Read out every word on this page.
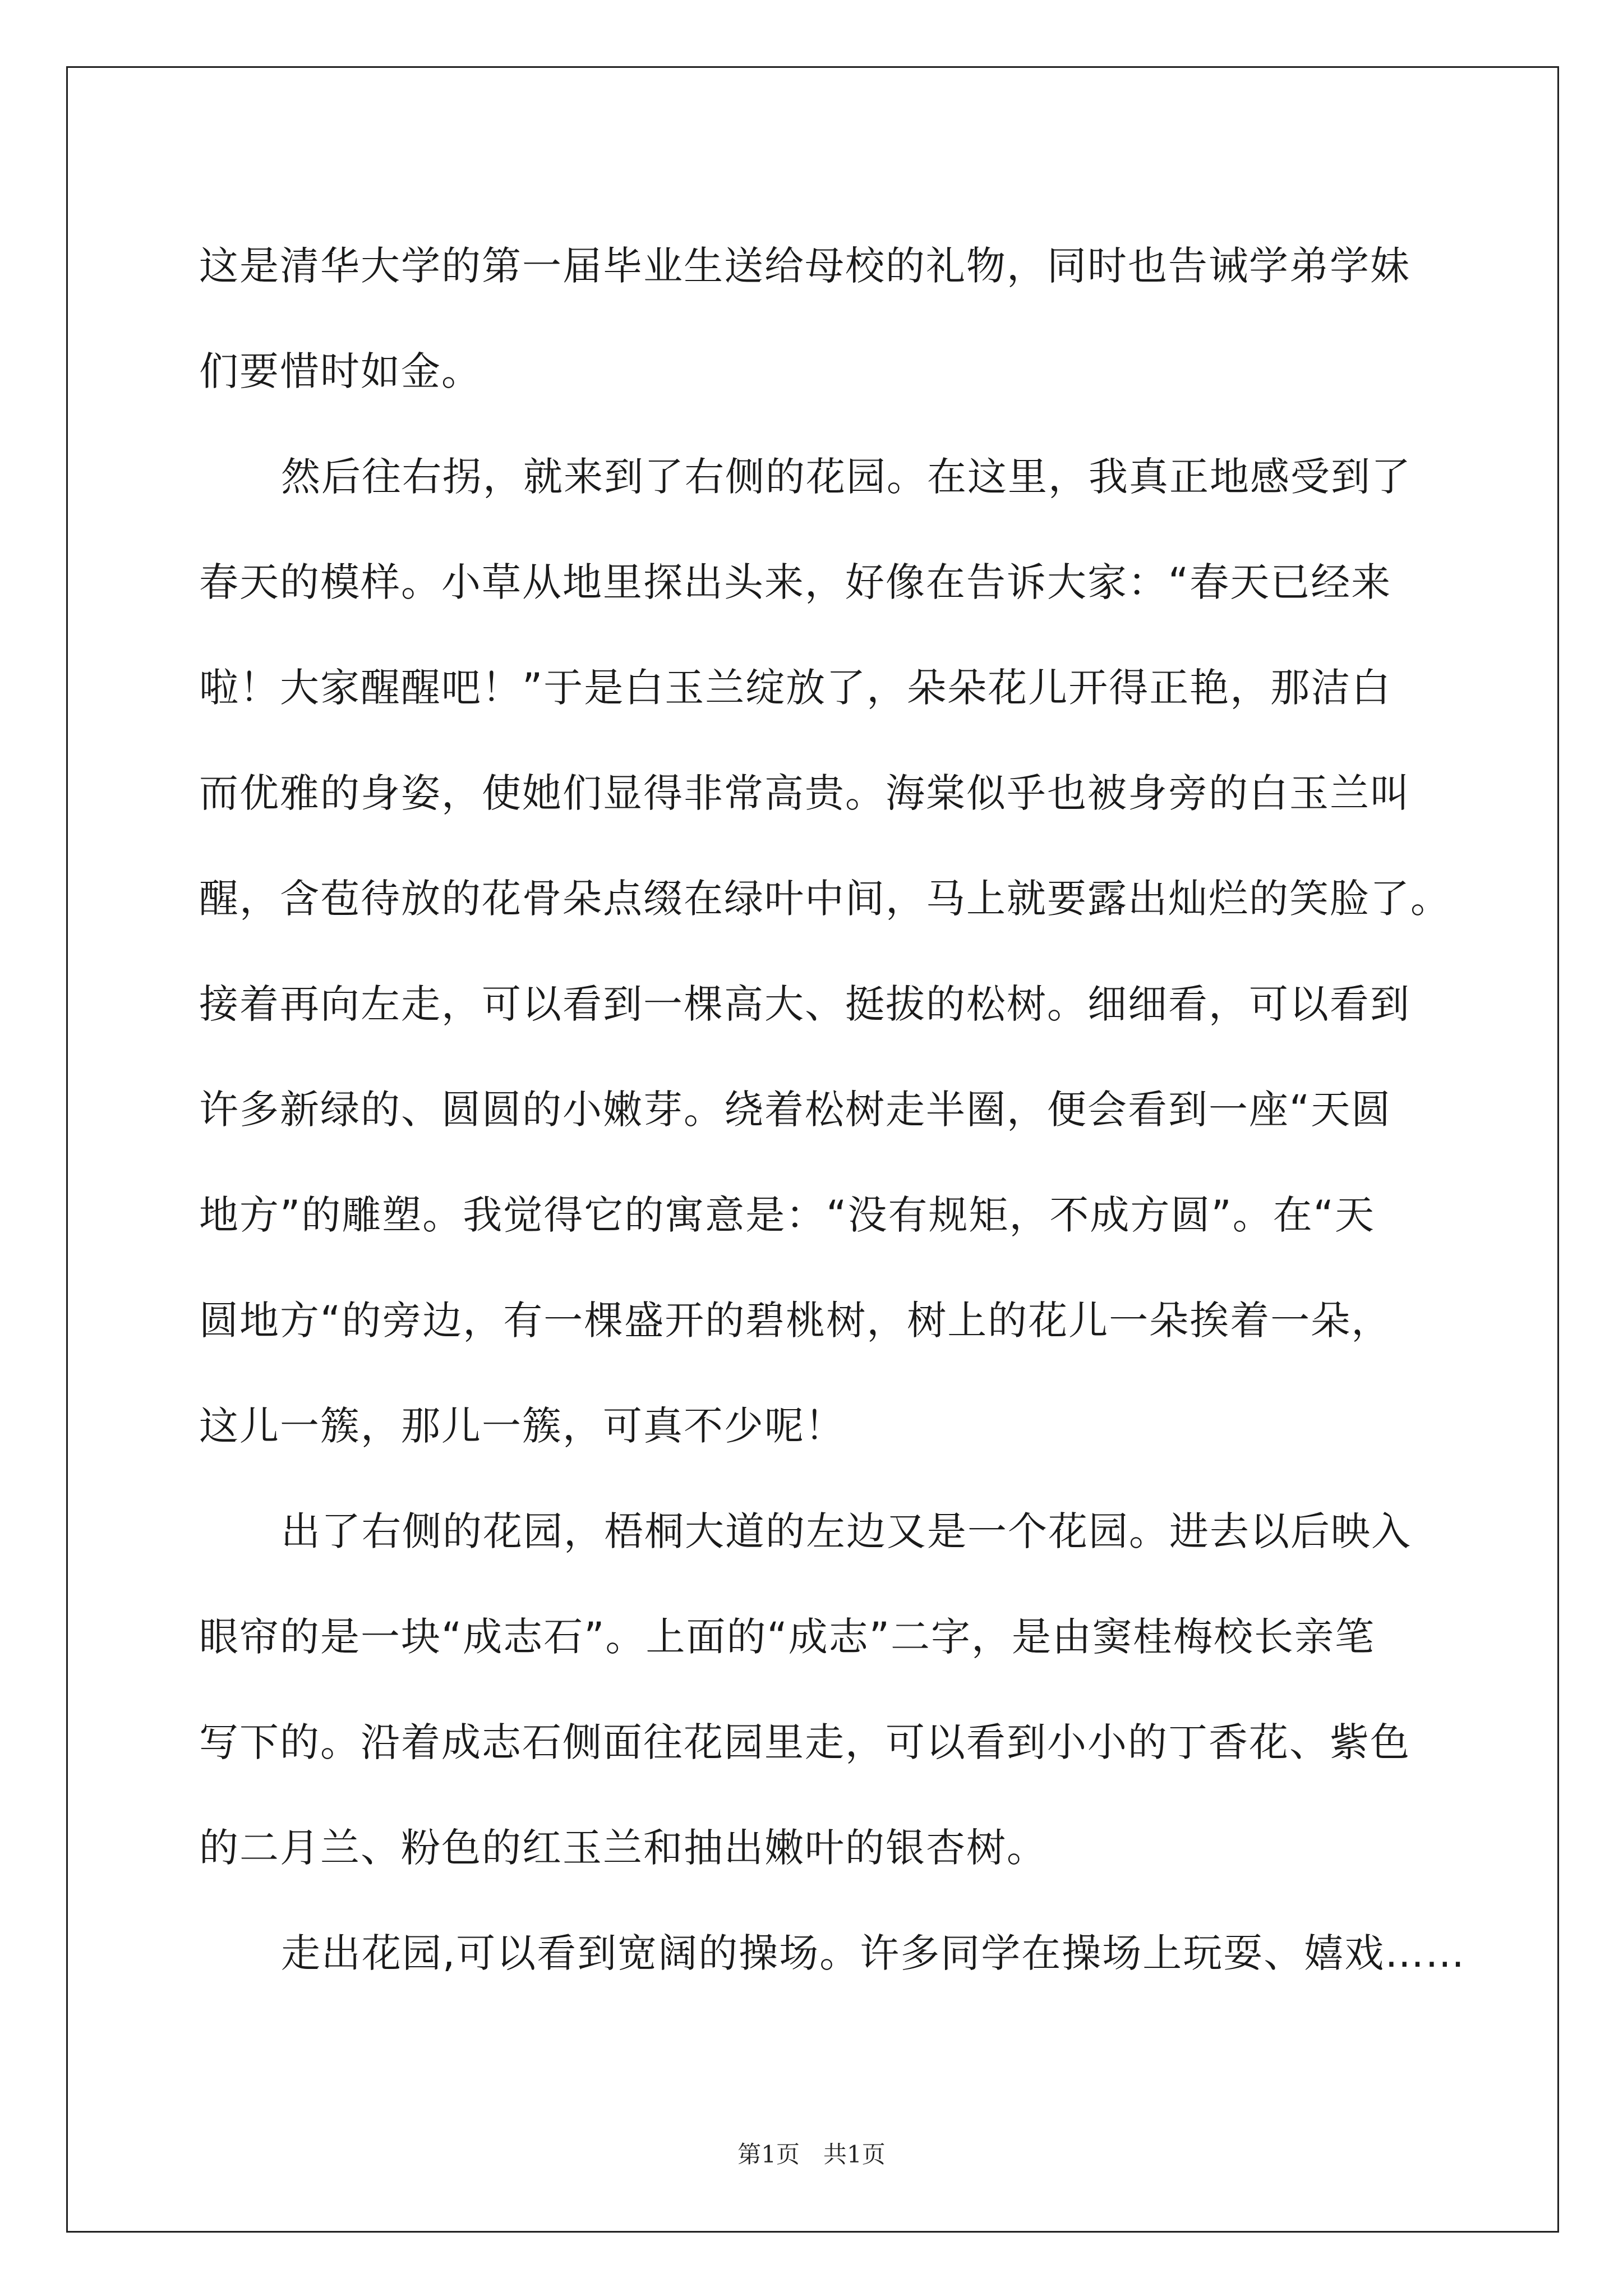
这是清华大学的第一届毕业生送给母校的礼物，同时也告诫学弟学妹
们要惜时如金。
然后往右拐，就来到了右侧的花园。在这里，我真正地感受到了
春天的模样。小草从地里探出头来，好像在告诉大家：“春天已经来
啦！大家醒醒吧！”于是白玉兰绽放了，朵朵花儿开得正艳，那洁白
而优雅的身姿，使她们显得非常高贵。海棠似乎也被身旁的白玉兰叫
醒，含苞待放的花骨朵点缀在绿叶中间，马上就要露出灿烂的笑脸了。
接着再向左走，可以看到一棵高大、挺拔的松树。细细看，可以看到
许多新绿的、圆圆的小嫩芽。绕着松树走半圈，便会看到一座“天圆
地方”的雕塑。我觉得它的寓意是：“没有规矩，不成方圆”。在“天
圆地方“的旁边，有一棵盛开的碧桃树，树上的花儿一朵挨着一朵，
这儿一簇，那儿一簇，可真不少呢！
出了右侧的花园，梧桐大道的左边又是一个花园。进去以后映入
眼帘的是一块“成志石”。上面的“成志”二字，是由窦桂梅校长亲笔
写下的。沿着成志石侧面往花园里走，可以看到小小的丁香花、紫色
的二月兰、粉色的红玉兰和抽出嫩叶的银杏树。
走出花园,可以看到宽阔的操场。许多同学在操场上玩耍、嬉戏……
第1页　共1页
